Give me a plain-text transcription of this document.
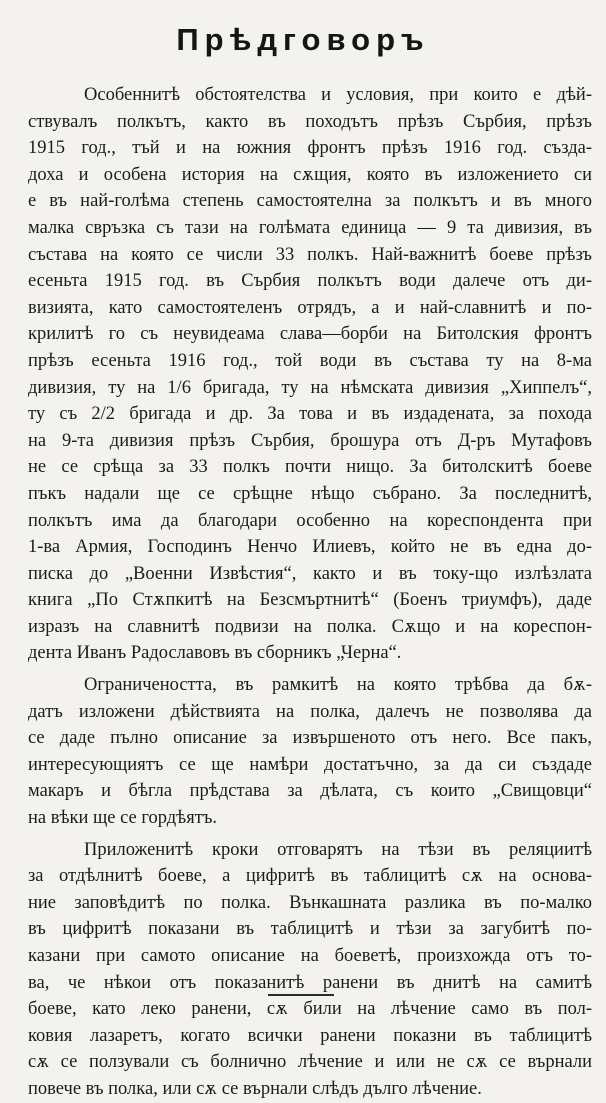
Прѣдговоръ
Особеннитѣ обстоятелства и условия, при които е дѣй-
ствувалъ полкътъ, както въ походътъ прѣзъ Сърбия, прѣзъ
1915 год., тъй и на южния фронтъ прѣзъ 1916 год. създа-
доха и особена история на сѫщия, която въ изложението си
е въ най-голѣма степень самостоятелна за полкътъ и въ много
малка свръзка съ тази на голѣмата единица — 9 та дивизия, въ
състава на която се числи 33 полкъ. Най-важнитѣ боеве прѣзъ
есеньта 1915 год. въ Сърбия полкътъ води далече отъ ди-
визията, като самостоятеленъ отрядъ, а и най-славнитѣ и по-
крилитѣ го съ неувидеама слава—борби на Битолския фронтъ
прѣзъ есеньта 1916 год., той води въ състава ту на 8-ма
дивизия, ту на 1/6 бригада, ту на нѣмската дивизия „Хиппелъ“,
ту съ 2/2 бригада и др. За това и въ издадената, за похода
на 9-та дивизия прѣзъ Сърбия, брошура отъ Д-ръ Мутафовъ
не се срѣща за 33 полкъ почти нищо. За битолскитѣ боеве
пъкъ надали ще се срѣщне нѣщо събрано. За последнитѣ,
полкътъ има да благодари особенно на кореспондента при
1-ва Армия, Господинъ Ненчо Илиевъ, който не въ една до-
писка до „Военни Извѣстия“, както и въ току-що излѣзлата
книга „По Стѫпкитѣ на Безсмъртнитѣ“ (Боенъ триумфъ), даде
изразъ на славнитѣ подвизи на полка. Сѫщо и на кореспон-
дента Иванъ Радославовъ въ сборникъ „Черна“.
Ограничеността, въ рамкитѣ на която трѣбва да бѫ-
датъ изложени дѣйствията на полка, далечъ не позволява да
се даде пълно описание за извършеното отъ него. Все пакъ,
интересующиятъ се ще намѣри достатъчно, за да си създаде
макаръ и бѣгла прѣдстава за дѣлата, съ които „Свищовци“
на вѣки ще се гордѣятъ.
Приложенитѣ кроки отговарятъ на тѣзи въ реляциитѣ
за отдѣлнитѣ боеве, а цифритѣ въ таблицитѣ сѫ на основа-
ние заповѣдитѣ по полка. Вънкашната разлика въ по-малко
въ цифритѣ показани въ таблицитѣ и тѣзи за загубитѣ по-
казани при самото описание на боеветѣ, произхожда отъ то-
ва, че нѣкои отъ показанитѣ ранени въ днитѣ на самитѣ
боеве, като леко ранени, сѫ били на лѣчение само въ пол-
ковия лазаретъ, когато всички ранени показни въ таблицитѣ
сѫ се ползували съ болнично лѣчение и или не сѫ се върнали
повече въ полка, или сѫ се върнали слѣдъ дълго лѣчение.
